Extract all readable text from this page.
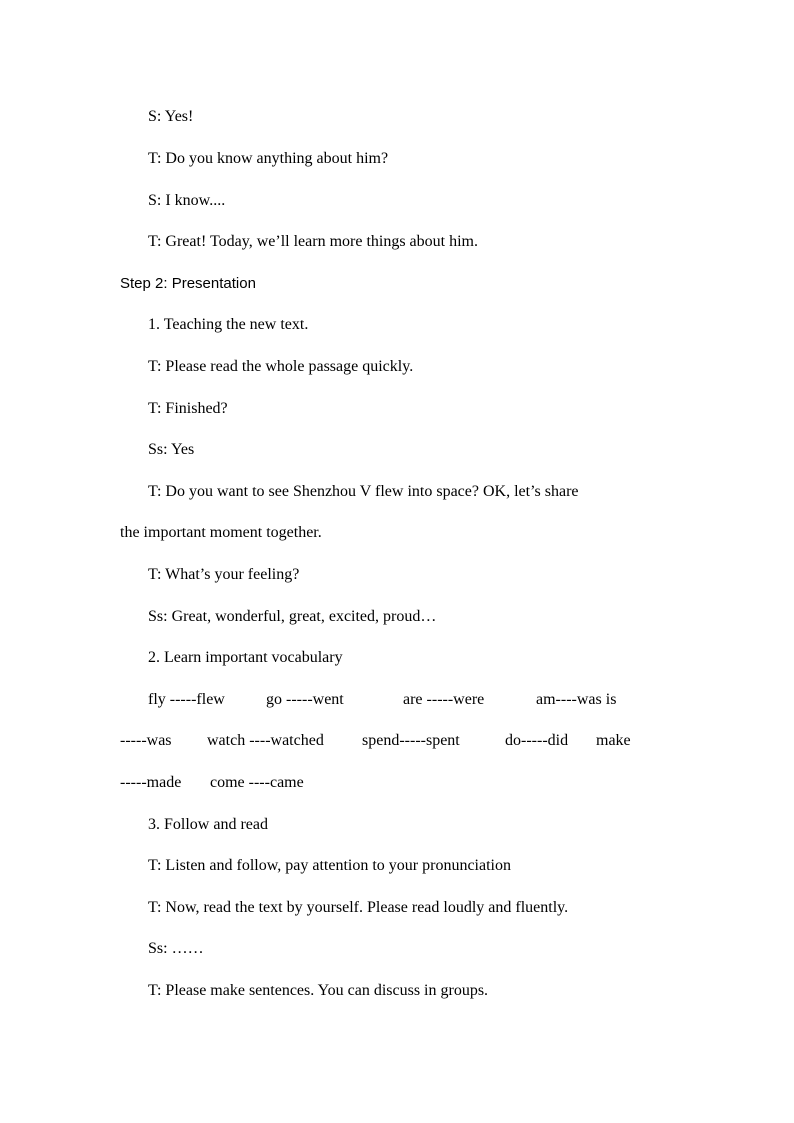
S: Yes!
T: Do you know anything about him?
S: I know....
T: Great! Today, we’ll learn more things about him.
Step 2: Presentation
1. Teaching the new text.
T: Please read the whole passage quickly.
T: Finished?
Ss: Yes
T: Do you want to see Shenzhou V flew into space? OK, let’s share
the important moment together.
T: What’s your feeling?
Ss: Great, wonderful, great, excited, proud…
2. Learn important vocabulary
fly -----flew	go -----went	are -----were	am----was is
-----was watch ----watched spend-----spent	do-----did make
-----made come ----came
3. Follow and read
T: Listen and follow, pay attention to your pronunciation
T: Now, read the text by yourself. Please read loudly and fluently.
Ss: ……
T: Please make sentences. You can discuss in groups.
